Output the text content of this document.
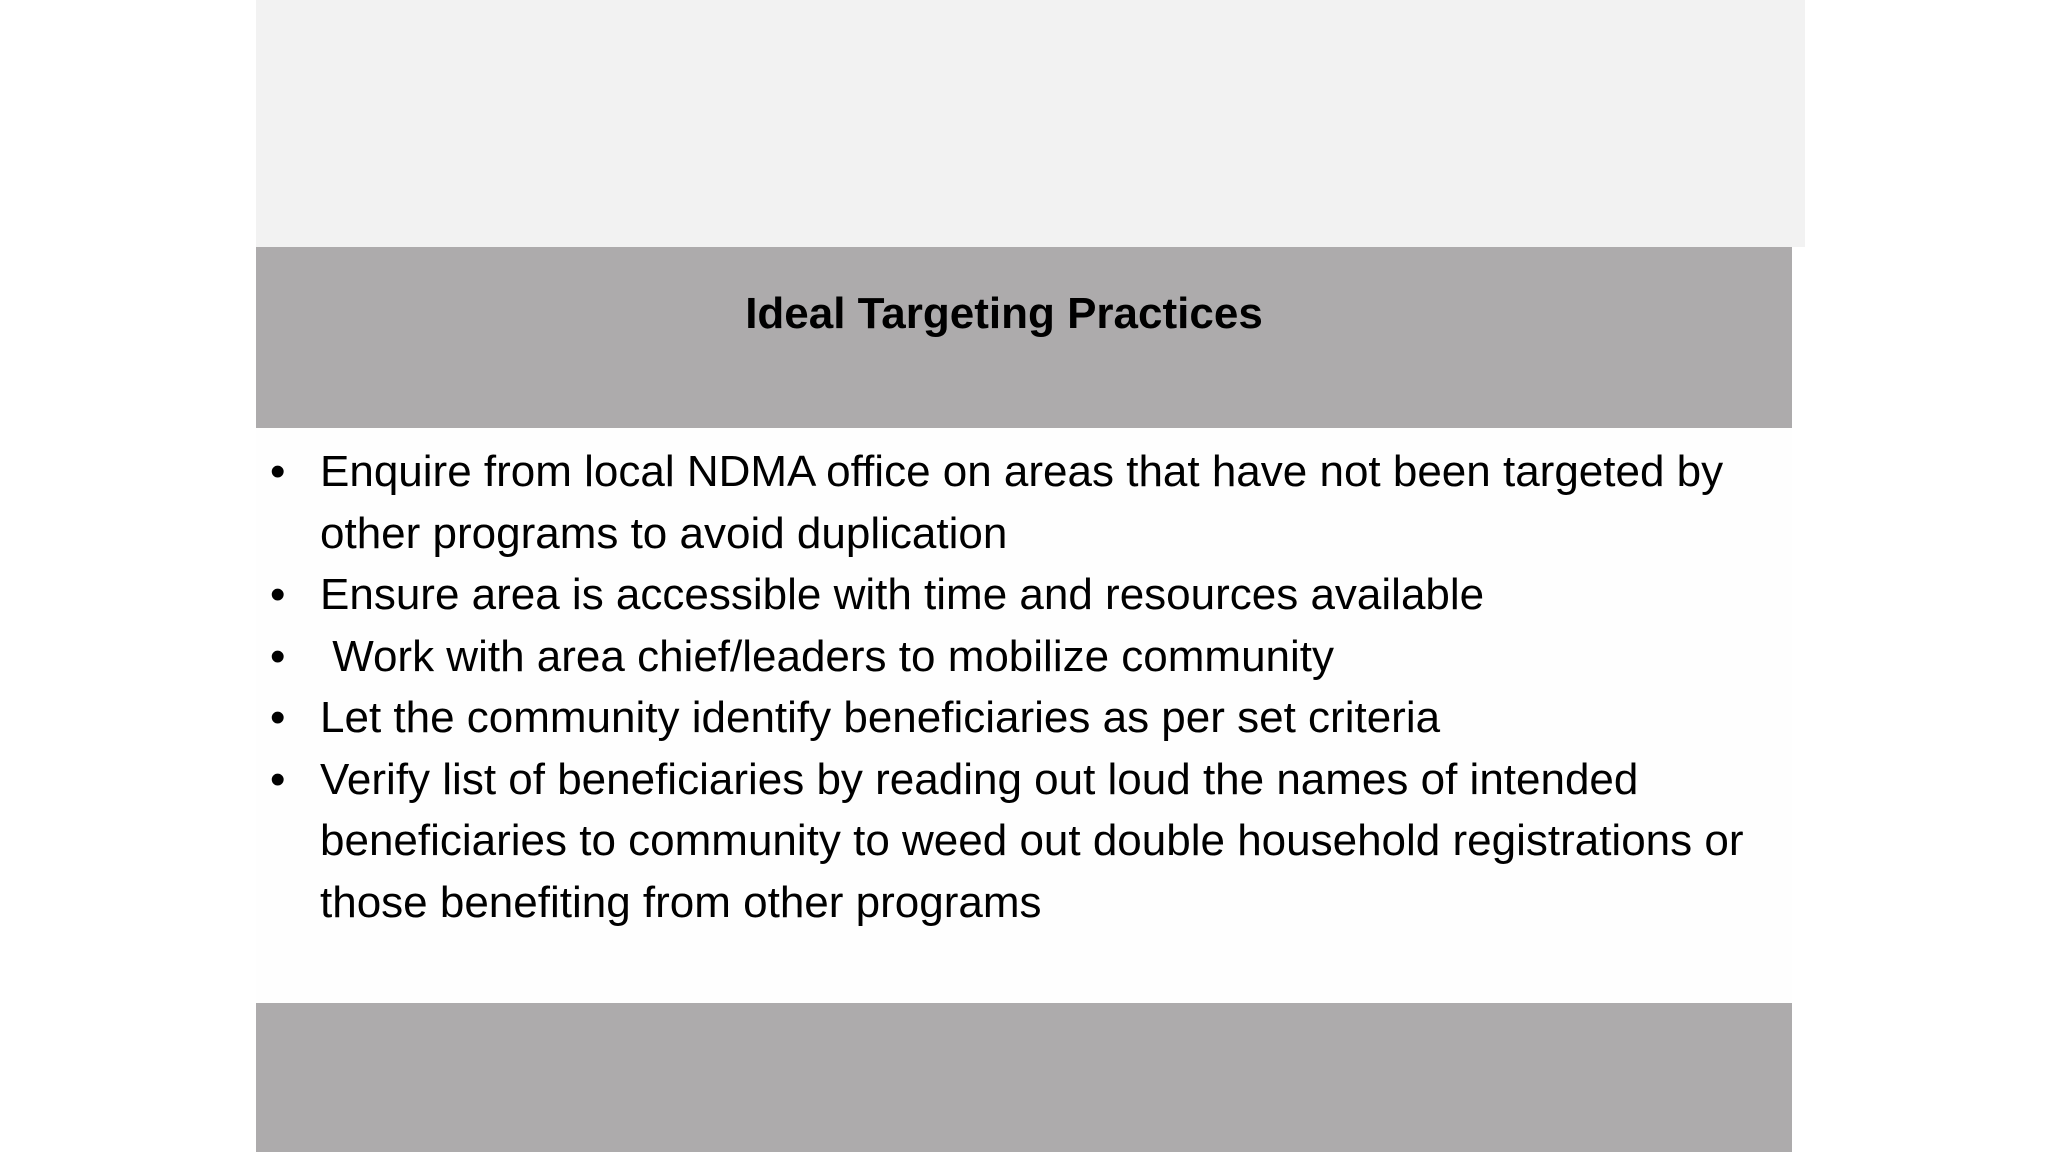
Ideal Targeting Practices
• Enquire from local NDMA office on areas that have not been targeted by other programs to avoid duplication
• Ensure area is accessible with time and resources available
• Work with area chief/leaders to mobilize community
• Let the community identify beneficiaries as per set criteria
• Verify list of beneficiaries by reading out loud the names of intended beneficiaries to community to weed out double household registrations or those benefiting from other programs
